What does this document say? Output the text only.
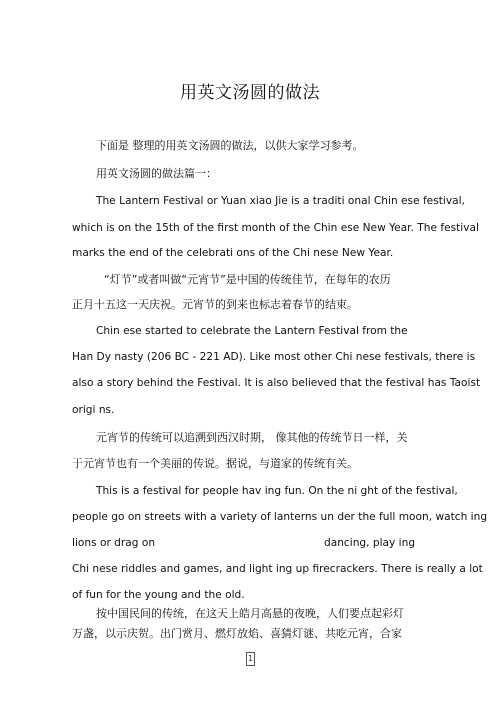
用英文汤圆的做法

下面是 整理的用英文汤圆的做法，以供大家学习参考。

用英文汤圆的做法篇一：

The Lantern Festival or Yuan xiao Jie is a traditi onal Chin ese festival,

which is on the 15th of the first month of the Chin ese New Year. The festival

marks the end of the celebrati ons of the Chi nese New Year.

“灯节”或者叫做“元宵节”是中国的传统佳节，在每年的农历

正月十五这一天庆祝。元宵节的到来也标志着春节的结束。

Chin ese started to celebrate the Lantern Festival from the

Han Dy nasty (206 BC - 221 AD). Like most other Chi nese festivals, there is

also a story behind the Festival. It is also believed that the festival has Taoist

origi ns.

元宵节的传统可以追溯到西汉时期， 像其他的传统节日一样，关

于元宵节也有一个美丽的传说。据说，与道家的传统有关。

This is a festival for people hav ing fun. On the ni ght of the festival,

people go on streets with a variety of lanterns un der the full moon, watch ing

lions or drag on	dancing, play ing

Chi nese riddles and games, and light ing up firecrackers. There is really a lot

of fun for the young and the old.

按中国民间的传统，在这天上皓月高悬的夜晚，人们要点起彩灯

万盏，以示庆贺。出门赏月、燃灯放焰、喜猜灯谜、共吃元宵，合家

1
